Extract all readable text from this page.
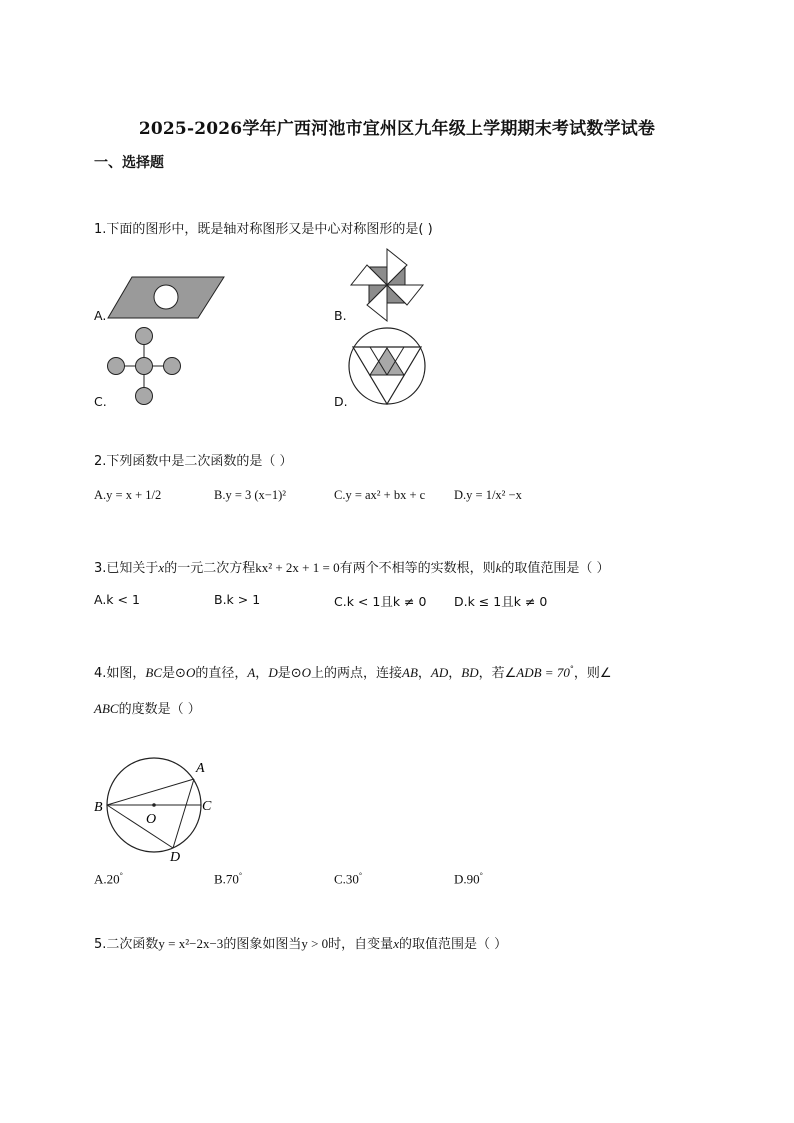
2025-2026学年广西河池市宜州区九年级上学期期末考试数学试卷
一、选择题
1.下面的图形中，既是轴对称图形又是中心对称图形的是( )
A.	B.
C.	D.
2.下列函数中是二次函数的是（ ）
A.y = x + 1/2	B.y = 3 (x−1)²	C.y = ax² + bx + c D.y = 1/x² −x
3.已知关于x的一元二次方程kx² + 2x + 1 = 0有两个不相等的实数根，则k的取值范围是（ ）
A.k < 1	B.k > 1	C.k < 1且k ≠ 0 D.k ≤ 1且k ≠ 0
4.如图，BC是⊙O的直径，A，D是⊙O上的两点，连接AB，AD，BD，若∠ADB = 70°，则∠
ABC的度数是（ ）
A
B	C
O
D
A.20°	B.70°	C.30°	D.90°
5.二次函数y = x²−2x−3的图象如图当y > 0时，自变量x的取值范围是（ ）
